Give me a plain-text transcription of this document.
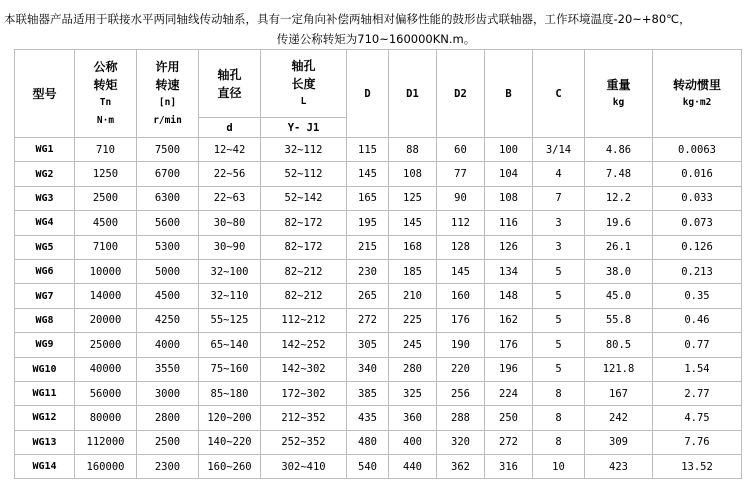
本联轴器产品适用于联接水平两同轴线传动轴系，具有一定角向补偿两轴相对偏移性能的鼓形齿式联轴器，工作环境温度-20~+80℃，
传递公称转矩为710~160000KN.m。
型号	公称
转矩
Tn
N·m	许用
转速
[n]
r/min	轴孔
直径	轴孔
长度
L	D	D1	D2	B	C	重量
kg	转动惯里
kg·m2

			d	Y- J1							
WG1	710	7500	12~42	32~112	115	88	60	100	3/14	4.86	0.0063
WG2	1250	6700	22~56	52~112	145	108	77	104	4	7.48	0.016
WG3	2500	6300	22~63	52~142	165	125	90	108	7	12.2	0.033
WG4	4500	5600	30~80	82~172	195	145	112	116	3	19.6	0.073
WG5	7100	5300	30~90	82~172	215	168	128	126	3	26.1	0.126
WG6	10000	5000	32~100	82~212	230	185	145	134	5	38.0	0.213
WG7	14000	4500	32~110	82~212	265	210	160	148	5	45.0	0.35
WG8	20000	4250	55~125	112~212	272	225	176	162	5	55.8	0.46
WG9	25000	4000	65~140	142~252	305	245	190	176	5	80.5	0.77
WG10	40000	3550	75~160	142~302	340	280	220	196	5	121.8	1.54
WG11	56000	3000	85~180	172~302	385	325	256	224	8	167	2.77
WG12	80000	2800	120~200	212~352	435	360	288	250	8	242	4.75
WG13	112000	2500	140~220	252~352	480	400	320	272	8	309	7.76
WG14	160000	2300	160~260	302~410	540	440	362	316	10	423	13.52
